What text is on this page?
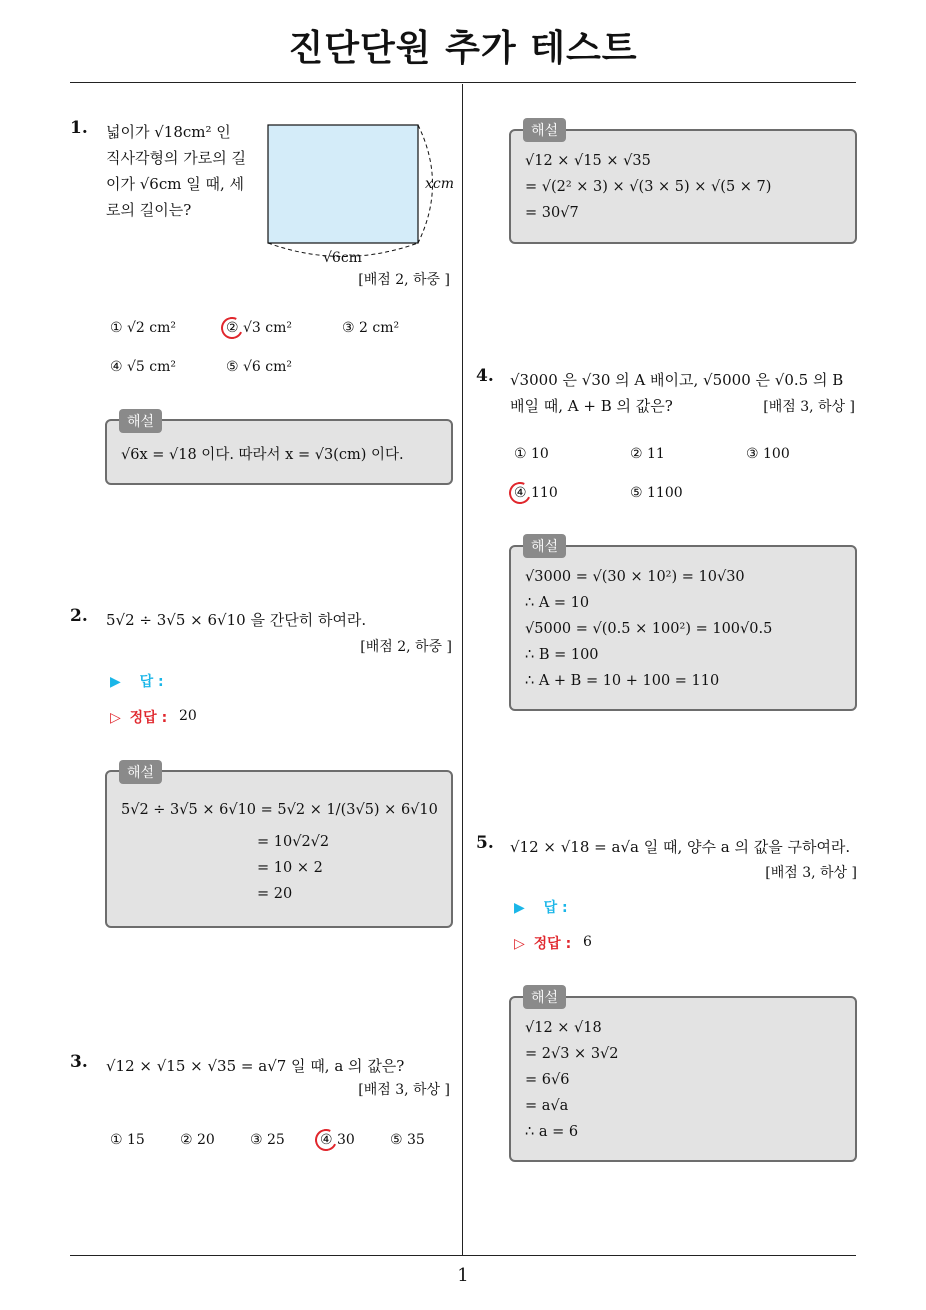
진단단원 추가 테스트
1
1. 넓이가 √18cm² 인
직사각형의 가로의 길
이가 √6cm 일 때, 세
로의 길이는?
xcm
√6cm
[배점 2, 하중 ]
① √2 cm²	② √3 cm²	③ 2 cm²
④ √5 cm²	⑤ √6 cm²
√6x = √18 이다. 따라서 x = √3(cm) 이다.
해설
2. 5√2 ÷ 3√5 × 6√10 을 간단히 하여라.
[배점 2, 하중 ]
▶ 답 :
▷ 정답 : 20
5√2 ÷ 3√5 × 6√10 = 5√2 × 1/(3√5) × 6√10
= 10√2√2
= 10 × 2
= 20
해설
3. √12 × √15 × √35 = a√7 일 때, a 의 값은?
[배점 3, 하상 ]
① 15	② 20	③ 25	④ 30	⑤ 35
√12 × √15 × √35
= √(2² × 3) × √(3 × 5) × √(5 × 7)
= 30√7
해설
4. √3000 은 √30 의 A 배이고, √5000 은 √0.5 의 B
배일 때, A + B 의 값은?	[배점 3, 하상 ]
① 10	② 11	③ 100
④ 110	⑤ 1100
√3000 = √(30 × 10²) = 10√30
∴ A = 10
√5000 = √(0.5 × 100²) = 100√0.5
∴ B = 100
∴ A + B = 10 + 100 = 110
해설
5. √12 × √18 = a√a 일 때, 양수 a 의 값을 구하여라.
[배점 3, 하상 ]
▶ 답 :
▷ 정답 : 6
√12 × √18
= 2√3 × 3√2
= 6√6
= a√a
∴ a = 6
해설
